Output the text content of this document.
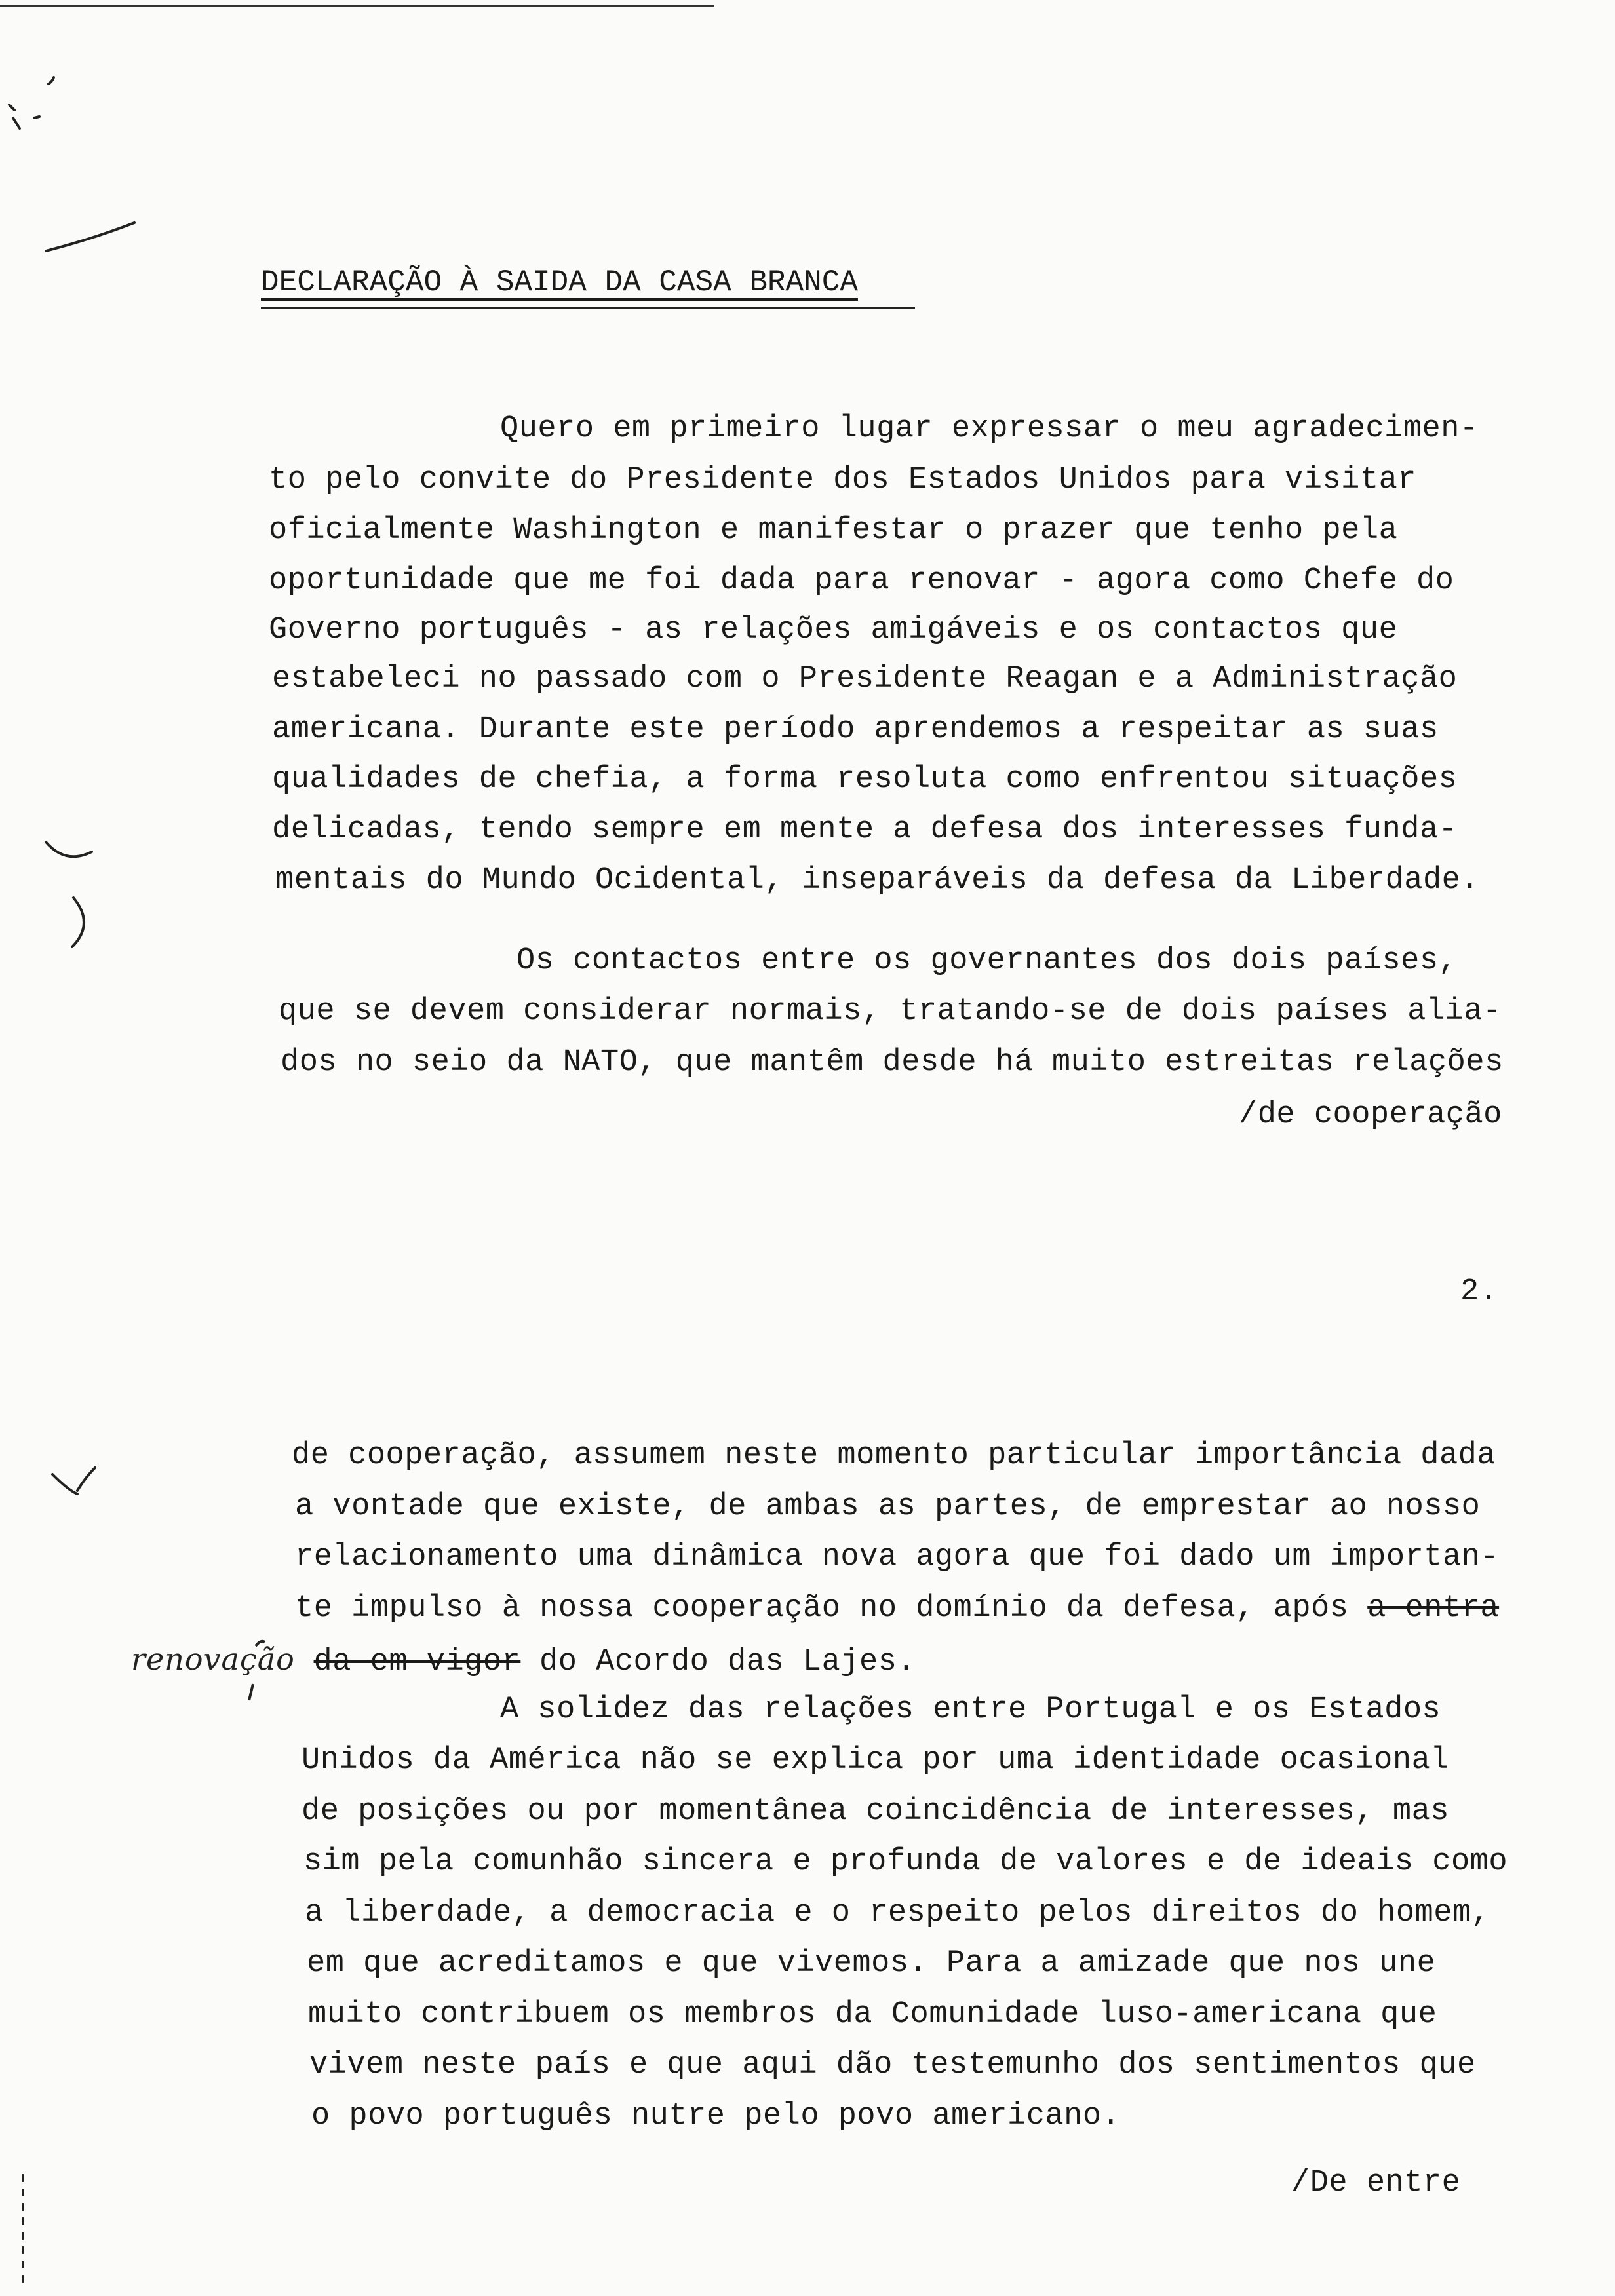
DECLARAÇÃO À SAIDA DA CASA BRANCA
Quero em primeiro lugar expressar o meu agradecimen-
to pelo convite do Presidente dos Estados Unidos para visitar
oficialmente Washington e manifestar o prazer que tenho pela
oportunidade que me foi dada para renovar - agora como Chefe do
Governo português - as relações amigáveis e os contactos que
estabeleci no passado com o Presidente Reagan e a Administração
americana. Durante este período aprendemos a respeitar as suas
qualidades de chefia, a forma resoluta como enfrentou situações
delicadas, tendo sempre em mente a defesa dos interesses funda-
mentais do Mundo Ocidental, inseparáveis da defesa da Liberdade.
Os contactos entre os governantes dos dois países,
que se devem considerar normais, tratando-se de dois países alia-
dos no seio da NATO, que mantêm desde há muito estreitas relações
/de cooperação
2.
de cooperação, assumem neste momento particular importância dada
a vontade que existe, de ambas as partes, de emprestar ao nosso
relacionamento uma dinâmica nova agora que foi dado um importan-
te impulso à nossa cooperação no domínio da defesa, após a entra
renovação da em vigor do Acordo das Lajes.
A solidez das relações entre Portugal e os Estados
Unidos da América não se explica por uma identidade ocasional
de posições ou por momentânea coincidência de interesses, mas
sim pela comunhão sincera e profunda de valores e de ideais como
a liberdade, a democracia e o respeito pelos direitos do homem,
em que acreditamos e que vivemos. Para a amizade que nos une
muito contribuem os membros da Comunidade luso-americana que
vivem neste país e que aqui dão testemunho dos sentimentos que
o povo português nutre pelo povo americano.
/De entre
